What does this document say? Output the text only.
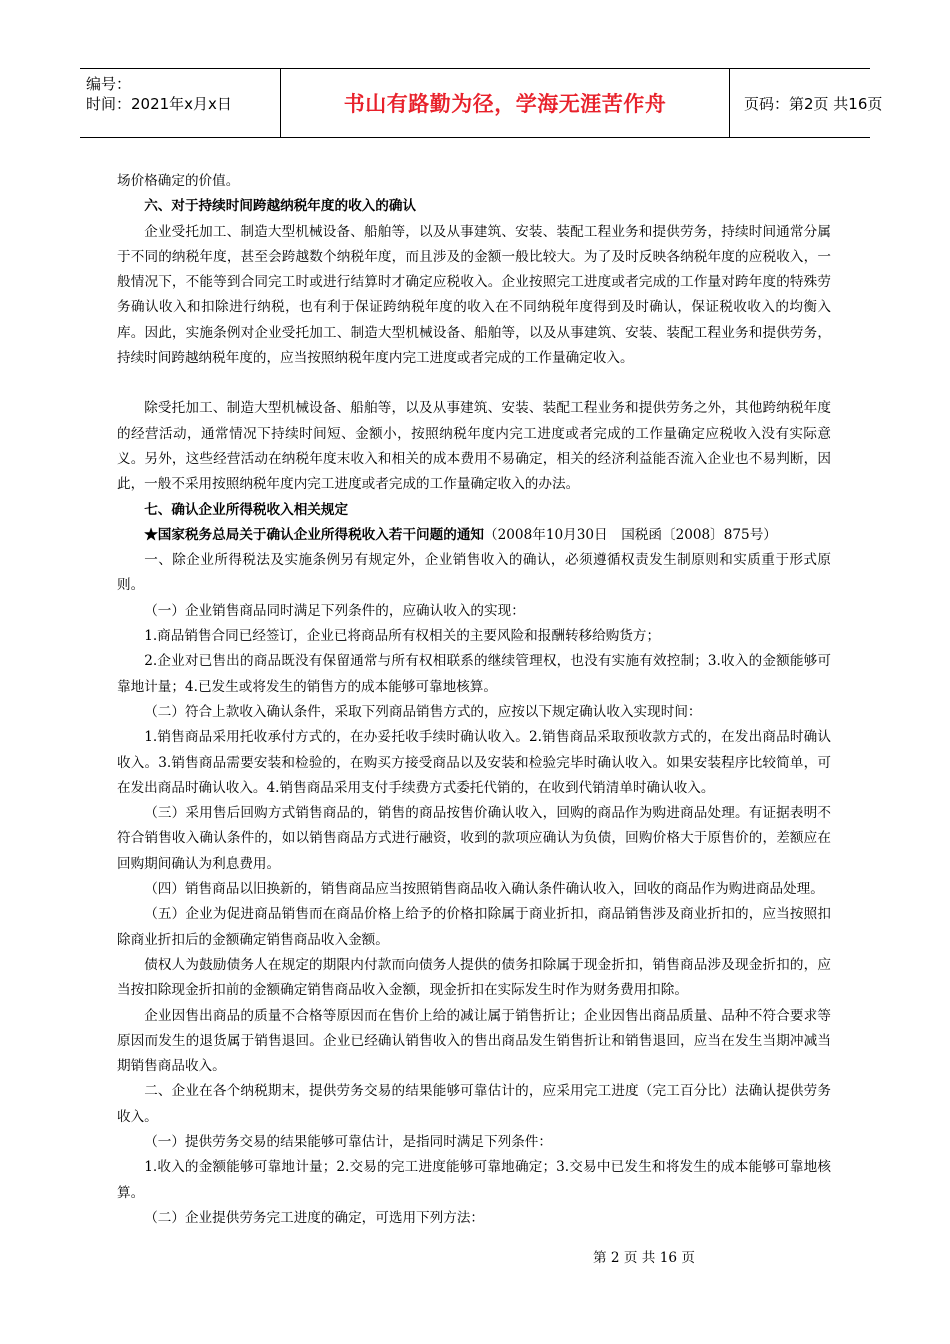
编号：
时间：2021年x月x日	书山有路勤为径，学海无涯苦作舟	页码：第2页 共16页

场价格确定的价值。

六、对于持续时间跨越纳税年度的收入的确认

企业受托加工、制造大型机械设备、船舶等，以及从事建筑、安装、装配工程业务和提供劳务，持续时间通常分属于不同的纳税年度，甚至会跨越数个纳税年度，而且涉及的金额一般比较大。为了及时反映各纳税年度的应税收入，一般情况下，不能等到合同完工时或进行结算时才确定应税收入。企业按照完工进度或者完成的工作量对跨年度的特殊劳务确认收入和扣除进行纳税，也有利于保证跨纳税年度的收入在不同纳税年度得到及时确认，保证税收收入的均衡入库。因此，实施条例对企业受托加工、制造大型机械设备、船舶等，以及从事建筑、安装、装配工程业务和提供劳务，持续时间跨越纳税年度的，应当按照纳税年度内完工进度或者完成的工作量确定收入。

除受托加工、制造大型机械设备、船舶等，以及从事建筑、安装、装配工程业务和提供劳务之外，其他跨纳税年度的经营活动，通常情况下持续时间短、金额小，按照纳税年度内完工进度或者完成的工作量确定应税收入没有实际意义。另外，这些经营活动在纳税年度末收入和相关的成本费用不易确定，相关的经济利益能否流入企业也不易判断，因此，一般不采用按照纳税年度内完工进度或者完成的工作量确定收入的办法。

七、确认企业所得税收入相关规定

★国家税务总局关于确认企业所得税收入若干问题的通知（2008年10月30日　国税函〔2008〕875号）

一、除企业所得税法及实施条例另有规定外，企业销售收入的确认，必须遵循权责发生制原则和实质重于形式原则。

（一）企业销售商品同时满足下列条件的，应确认收入的实现：

1.商品销售合同已经签订，企业已将商品所有权相关的主要风险和报酬转移给购货方；

2.企业对已售出的商品既没有保留通常与所有权相联系的继续管理权，也没有实施有效控制；3.收入的金额能够可靠地计量；4.已发生或将发生的销售方的成本能够可靠地核算。

（二）符合上款收入确认条件，采取下列商品销售方式的，应按以下规定确认收入实现时间：

1.销售商品采用托收承付方式的，在办妥托收手续时确认收入。2.销售商品采取预收款方式的，在发出商品时确认收入。3.销售商品需要安装和检验的，在购买方接受商品以及安装和检验完毕时确认收入。如果安装程序比较简单，可在发出商品时确认收入。4.销售商品采用支付手续费方式委托代销的，在收到代销清单时确认收入。

（三）采用售后回购方式销售商品的，销售的商品按售价确认收入，回购的商品作为购进商品处理。有证据表明不符合销售收入确认条件的，如以销售商品方式进行融资，收到的款项应确认为负债，回购价格大于原售价的，差额应在回购期间确认为利息费用。

（四）销售商品以旧换新的，销售商品应当按照销售商品收入确认条件确认收入，回收的商品作为购进商品处理。

（五）企业为促进商品销售而在商品价格上给予的价格扣除属于商业折扣，商品销售涉及商业折扣的，应当按照扣除商业折扣后的金额确定销售商品收入金额。

债权人为鼓励债务人在规定的期限内付款而向债务人提供的债务扣除属于现金折扣，销售商品涉及现金折扣的，应当按扣除现金折扣前的金额确定销售商品收入金额，现金折扣在实际发生时作为财务费用扣除。

企业因售出商品的质量不合格等原因而在售价上给的减让属于销售折让；企业因售出商品质量、品种不符合要求等原因而发生的退货属于销售退回。企业已经确认销售收入的售出商品发生销售折让和销售退回，应当在发生当期冲减当期销售商品收入。

二、企业在各个纳税期末，提供劳务交易的结果能够可靠估计的，应采用完工进度（完工百分比）法确认提供劳务收入。

（一）提供劳务交易的结果能够可靠估计，是指同时满足下列条件：

1.收入的金额能够可靠地计量；2.交易的完工进度能够可靠地确定；3.交易中已发生和将发生的成本能够可靠地核算。

（二）企业提供劳务完工进度的确定，可选用下列方法：

第 2 页 共 16 页
